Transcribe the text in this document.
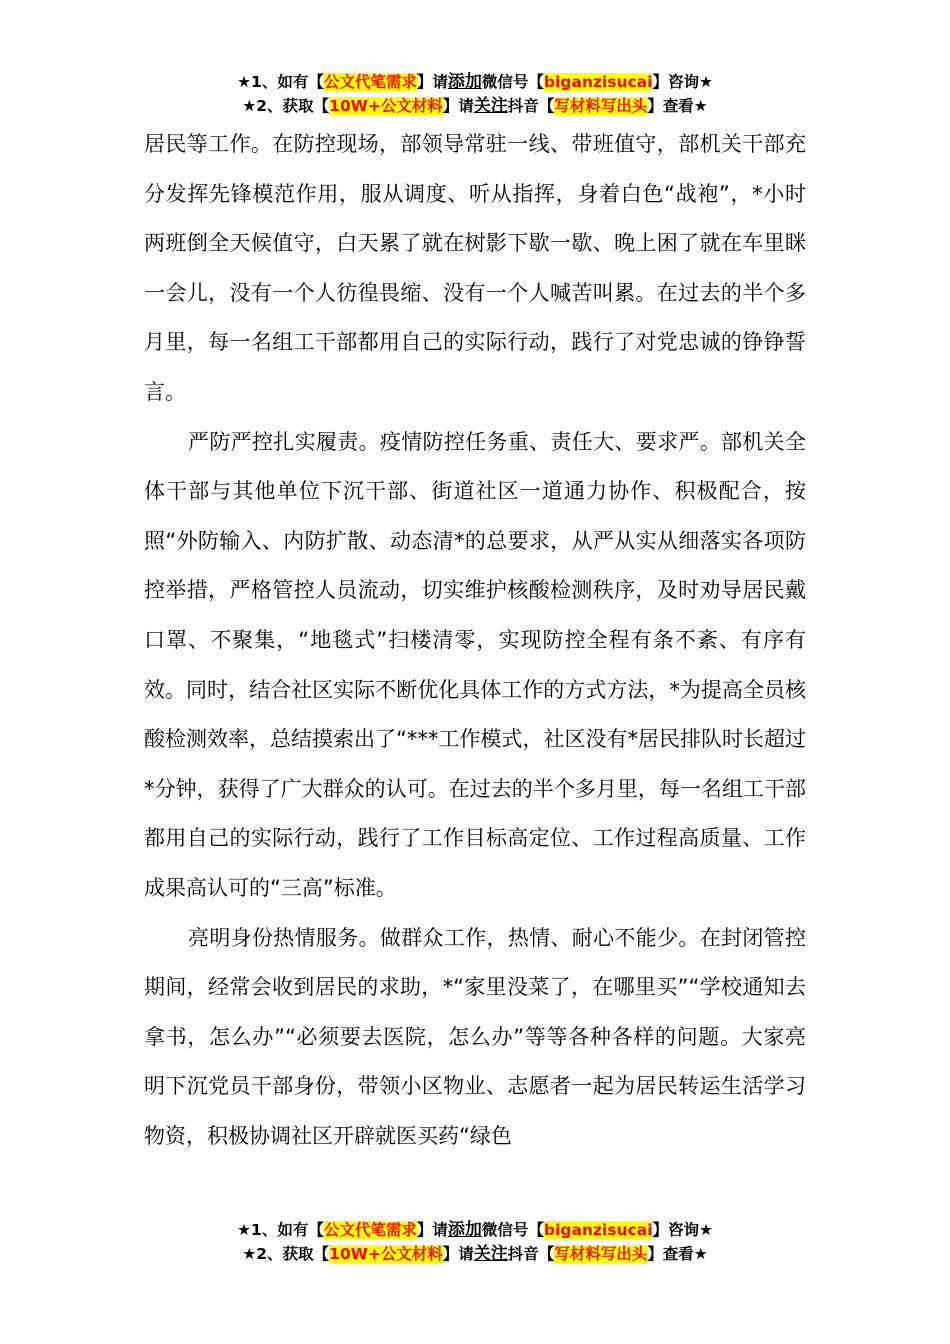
★1、如有【公文代笔需求】请添加微信号【biganzisucai】咨询★
★2、获取【10W+公文材料】请关注抖音【写材料写出头】查看★

居民等工作。在防控现场，部领导常驻一线、带班值守，部机关干部充分发挥先锋模范作用，服从调度、听从指挥，身着白色“战袍”，*小时两班倒全天候值守，白天累了就在树影下歇一歇、晚上困了就在车里眯一会儿，没有一个人彷徨畏缩、没有一个人喊苦叫累。在过去的半个多月里，每一名组工干部都用自己的实际行动，践行了对党忠诚的铮铮誓言。

严防严控扎实履责。疫情防控任务重、责任大、要求严。部机关全体干部与其他单位下沉干部、街道社区一道通力协作、积极配合，按照“外防输入、内防扩散、动态清*的总要求，从严从实从细落实各项防控举措，严格管控人员流动，切实维护核酸检测秩序，及时劝导居民戴口罩、不聚集，“地毯式”扫楼清零，实现防控全程有条不紊、有序有效。同时，结合社区实际不断优化具体工作的方式方法，*为提高全员核酸检测效率，总结摸索出了“***工作模式，社区没有*居民排队时长超过*分钟，获得了广大群众的认可。在过去的半个多月里，每一名组工干部都用自己的实际行动，践行了工作目标高定位、工作过程高质量、工作成果高认可的“三高”标准。

亮明身份热情服务。做群众工作，热情、耐心不能少。在封闭管控期间，经常会收到居民的求助，*“家里没菜了，在哪里买”“学校通知去拿书，怎么办”“必须要去医院，怎么办”等等各种各样的问题。大家亮明下沉党员干部身份，带领小区物业、志愿者一起为居民转运生活学习物资，积极协调社区开辟就医买药“绿色

★1、如有【公文代笔需求】请添加微信号【biganzisucai】咨询★
★2、获取【10W+公文材料】请关注抖音【写材料写出头】查看★
